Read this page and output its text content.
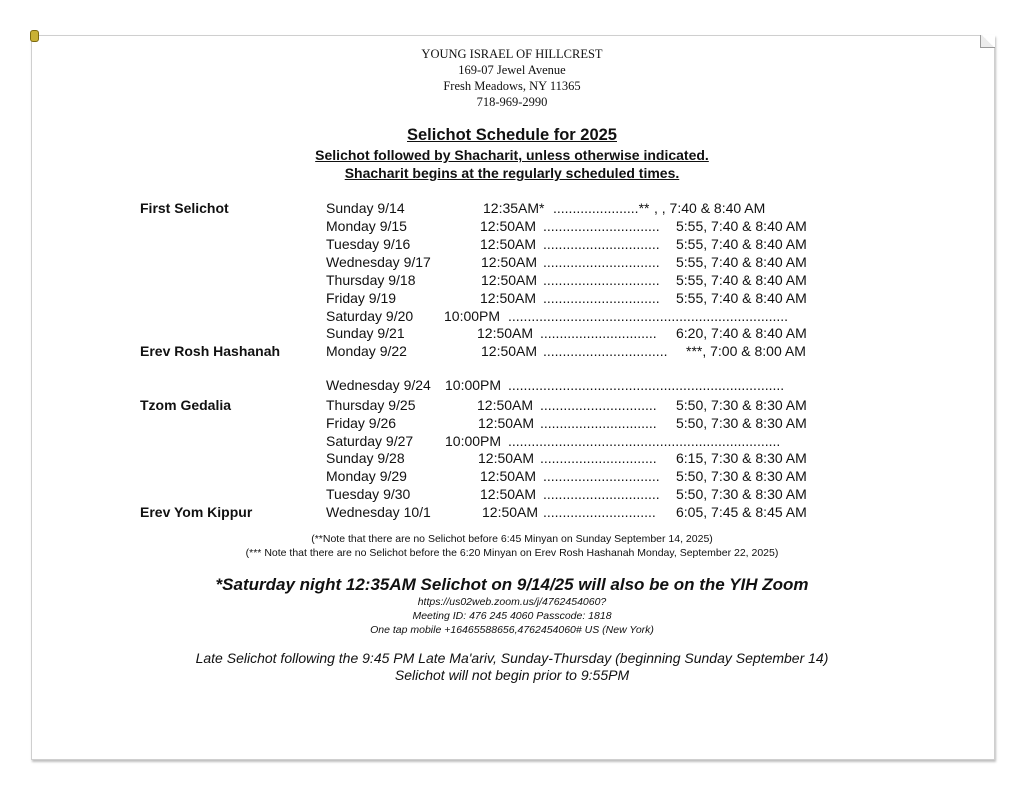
YOUNG ISRAEL OF HILLCREST
169-07 Jewel Avenue
Fresh Meadows, NY 11365
718-969-2990
Selichot Schedule for 2025
Selichot followed by Shacharit, unless otherwise indicated.
Shacharit begins at the regularly scheduled times.
First Selichot	Sunday 9/14	12:35AM* ......................** , , 7:40 & 8:40 AM
Monday 9/15	12:50AM ..............................	5:55, 7:40 & 8:40 AM
Tuesday 9/16	12:50AM ..............................	5:55, 7:40 & 8:40 AM
Wednesday 9/17	12:50AM ..............................	5:55, 7:40 & 8:40 AM
Thursday 9/18	12:50AM ..............................	5:55, 7:40 & 8:40 AM
Friday 9/19	12:50AM ..............................	5:55, 7:40 & 8:40 AM
Saturday 9/20 10:00PM ........................................................................
Sunday 9/21	12:50AM ..............................	6:20, 7:40 & 8:40 AM
Erev Rosh Hashanah	Monday 9/22	12:50AM ................................	***, 7:00 & 8:00 AM
Wednesday 9/24 10:00PM .......................................................................
Tzom Gedalia	Thursday 9/25	12:50AM ..............................	5:50, 7:30 & 8:30 AM
Friday 9/26	12:50AM ..............................	5:50, 7:30 & 8:30 AM
Saturday 9/27 10:00PM ......................................................................
Sunday 9/28	12:50AM ..............................	6:15, 7:30 & 8:30 AM
Monday 9/29	12:50AM ..............................	5:50, 7:30 & 8:30 AM
Tuesday 9/30	12:50AM ..............................	5:50, 7:30 & 8:30 AM
Erev Yom Kippur	Wednesday 10/1	12:50AM .............................	6:05, 7:45 & 8:45 AM
(**Note that there are no Selichot before 6:45 Minyan on Sunday September 14, 2025)
(*** Note that there are no Selichot before the 6:20 Minyan on Erev Rosh Hashanah Monday, September 22, 2025)
*Saturday night 12:35AM Selichot on 9/14/25 will also be on the YIH Zoom
https://us02web.zoom.us/j/4762454060?
Meeting ID: 476 245 4060 Passcode: 1818
One tap mobile +16465588656,4762454060# US (New York)
Late Selichot following the 9:45 PM Late Ma'ariv, Sunday-Thursday (beginning Sunday September 14)
Selichot will not begin prior to 9:55PM
